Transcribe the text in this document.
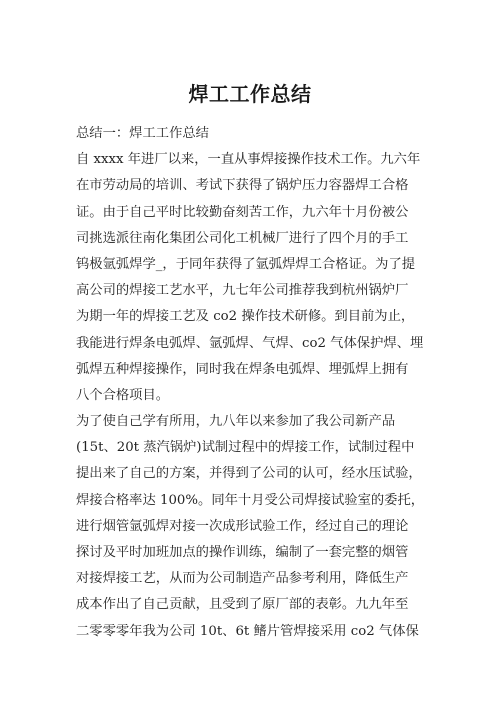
焊工工作总结
总结一：焊工工作总结
自 xxxx 年进厂以来，一直从事焊接操作技术工作。九六年
在市劳动局的培训、考试下获得了锅炉压力容器焊工合格
证。由于自己平时比较勤奋刻苦工作，九六年十月份被公
司挑选派往南化集团公司化工机械厂进行了四个月的手工
钨极氩弧焊学_，于同年获得了氩弧焊焊工合格证。为了提
高公司的焊接工艺水平，九七年公司推荐我到杭州锅炉厂
为期一年的焊接工艺及 co2 操作技术研修。到目前为止，
我能进行焊条电弧焊、氩弧焊、气焊、co2 气体保护焊、埋
弧焊五种焊接操作，同时我在焊条电弧焊、埋弧焊上拥有
八个合格项目。
为了使自己学有所用，九八年以来参加了我公司新产品
(15t、20t 蒸汽锅炉)试制过程中的焊接工作，试制过程中
提出来了自己的方案，并得到了公司的认可，经水压试验，
焊接合格率达 100%。同年十月受公司焊接试验室的委托，
进行烟管氩弧焊对接一次成形试验工作，经过自己的理论
探讨及平时加班加点的操作训练，编制了一套完整的烟管
对接焊接工艺，从而为公司制造产品参考利用，降低生产
成本作出了自己贡献，且受到了原厂部的表彰。九九年至
二零零零年我为公司 10t、6t 鳍片管焊接采用 co2 气体保
